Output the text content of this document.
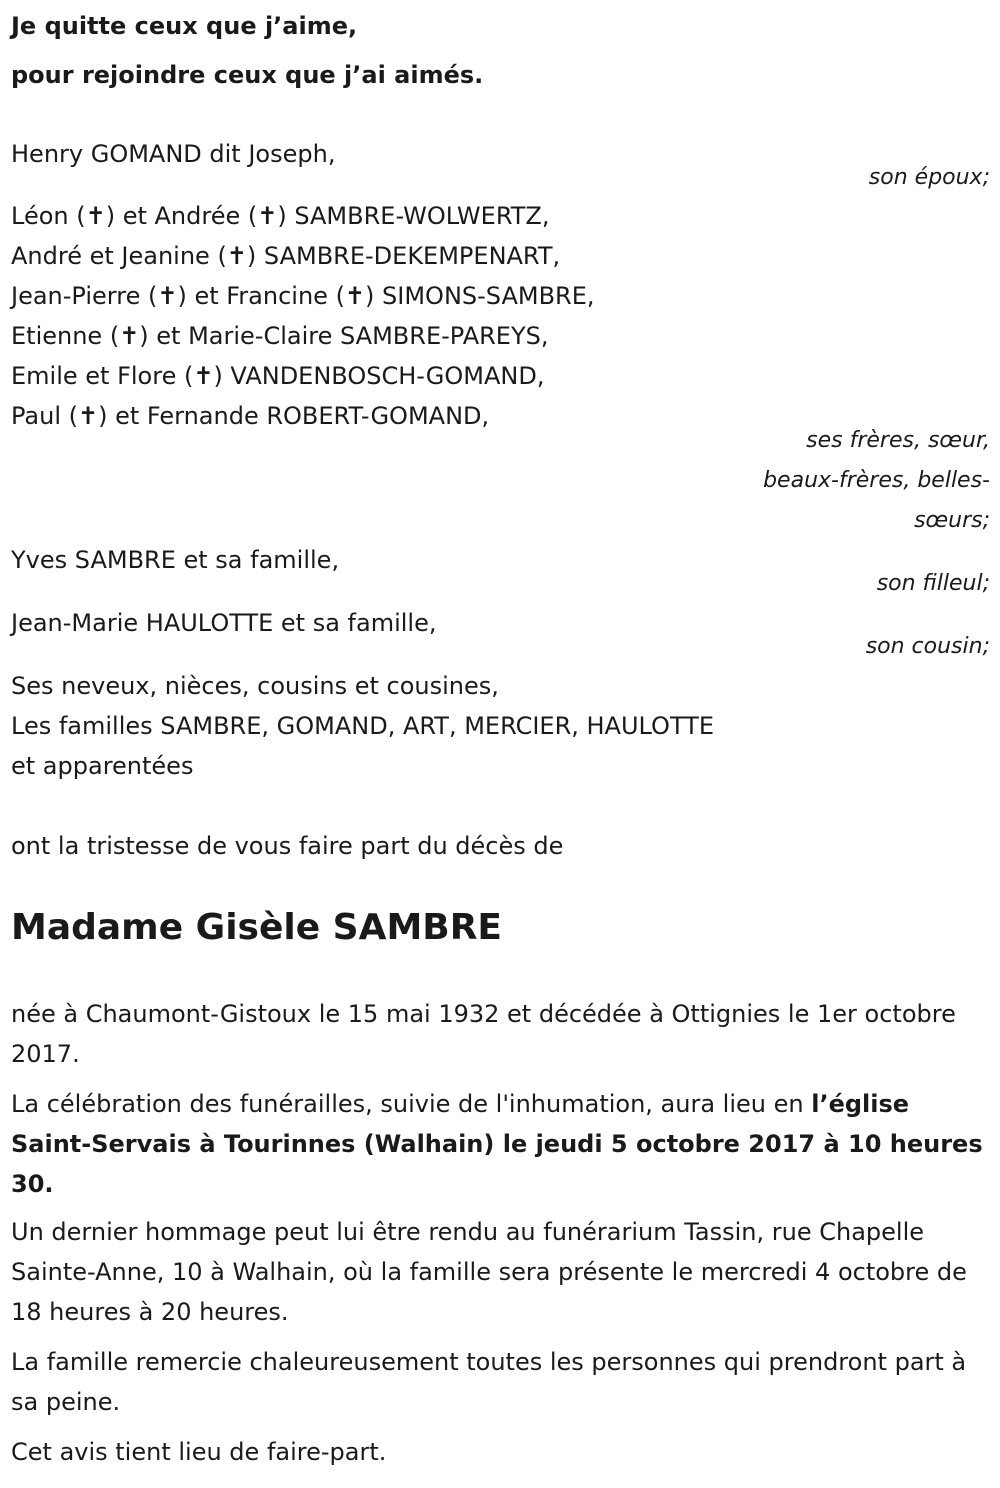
Je quitte ceux que j’aime,

pour rejoindre ceux que j’ai aimés.

Henry GOMAND dit Joseph,

son époux;

Léon (✝) et Andrée (✝) SAMBRE-WOLWERTZ,

André et Jeanine (✝) SAMBRE-DEKEMPENART,

Jean-Pierre (✝) et Francine (✝) SIMONS-SAMBRE,

Etienne (✝) et Marie-Claire SAMBRE-PAREYS,

Emile et Flore (✝) VANDENBOSCH-GOMAND,

Paul (✝) et Fernande ROBERT-GOMAND,

ses frères, sœur,

beaux-frères, belles-

sœurs;

Yves SAMBRE et sa famille,

son filleul;

Jean-Marie HAULOTTE et sa famille,

son cousin;

Ses neveux, nièces, cousins et cousines,

Les familles SAMBRE, GOMAND, ART, MERCIER, HAULOTTE

et apparentées

ont la tristesse de vous faire part du décès de

Madame Gisèle SAMBRE

née à Chaumont-Gistoux le 15 mai 1932 et décédée à Ottignies le 1er octobre 2017.

La célébration des funérailles, suivie de l'inhumation, aura lieu en l’église Saint-Servais à Tourinnes (Walhain) le jeudi 5 octobre 2017 à 10 heures 30.

Un dernier hommage peut lui être rendu au funérarium Tassin, rue Chapelle Sainte-Anne, 10 à Walhain, où la famille sera présente le mercredi 4 octobre de 18 heures à 20 heures.

La famille remercie chaleureusement toutes les personnes qui prendront part à sa peine.

Cet avis tient lieu de faire-part.
